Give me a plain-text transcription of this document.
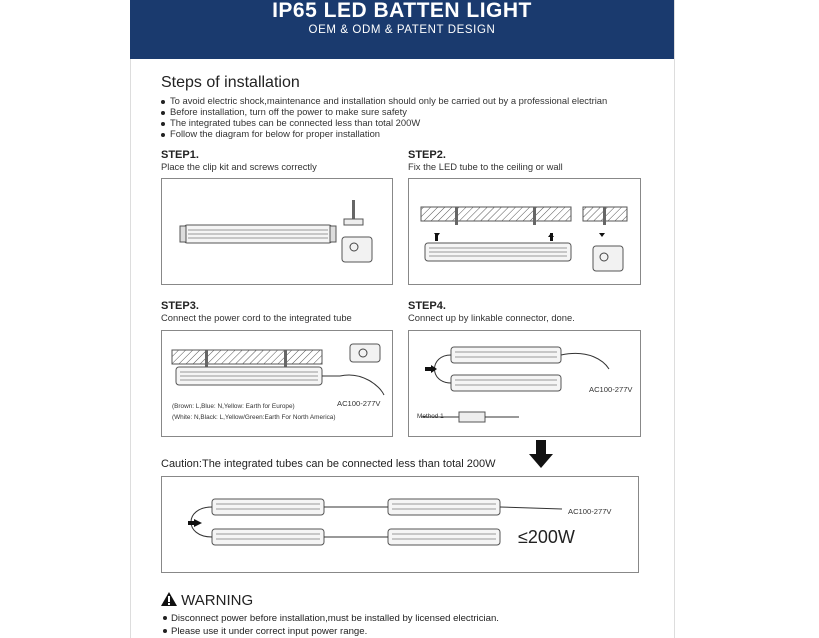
IP65 LED BATTEN LIGHT
OEM & ODM & PATENT DESIGN
Steps of installation
To avoid electric shock,maintenance and installation should only be carried out by a professional electrian
Before installation, turn off the power to make sure safety
The integrated tubes can be connected less than total 200W
Follow the diagram for below for proper installation
STEP1.
Place the clip kit and screws correctly
STEP2.
Fix the LED tube to the ceiling or wall
STEP3.
Connect the power cord to the integrated tube
AC100-277V
(Brown: L,Blue: N,Yellow: Earth for Europe)
(White: N,Black: L,Yellow/Green:Earth For North America)
STEP4.
Connect up by linkable connector, done.
AC100-277V
Method 1
Caution:The integrated tubes can be connected less than total 200W
AC100-277V
≤200W
WARNING
Disconnect power before installation,must be installed by licensed electrician.
Please use it under correct input power range.
